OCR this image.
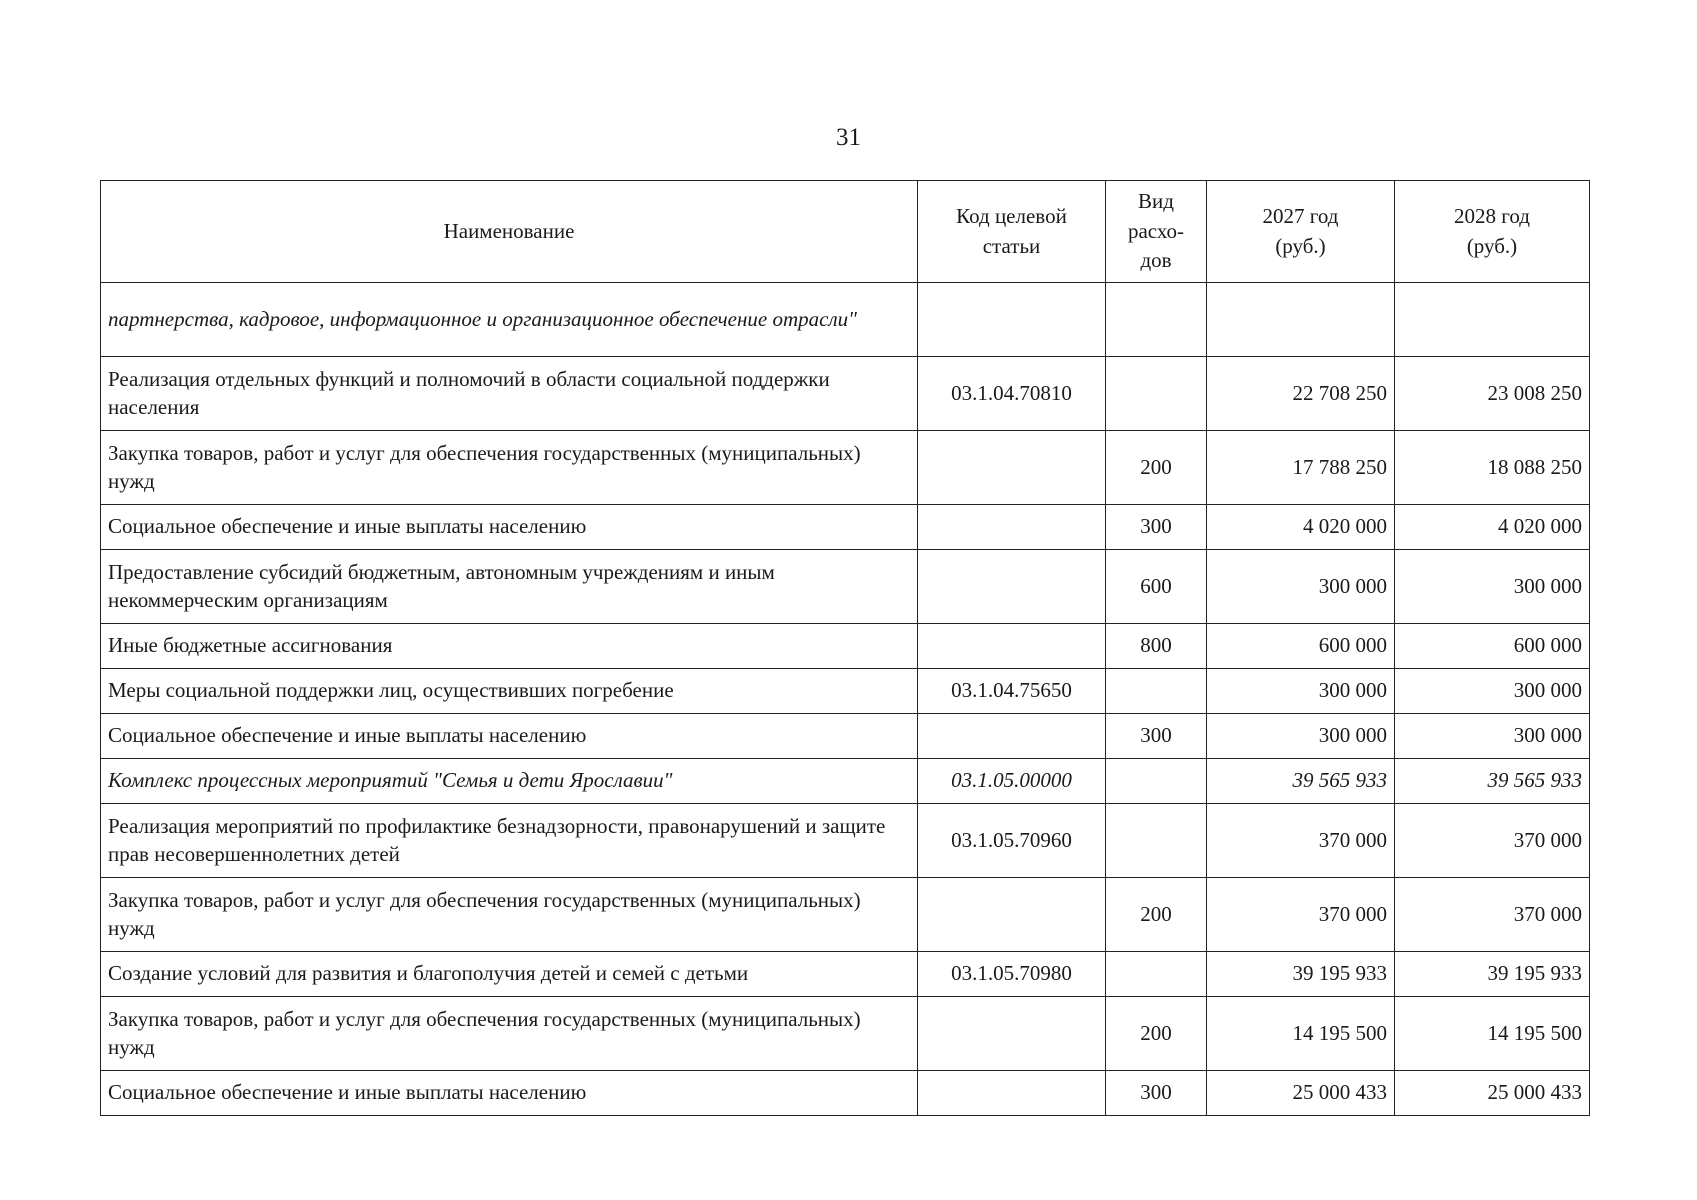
31
Наименование	Код целевой статьи	Вид расхо-дов	2027 год (руб.)	2028 год (руб.)
партнерства, кадровое, информационное и организационное обеспечение отрасли"				
Реализация отдельных функций и полномочий в области социальной поддержки населения	03.1.04.70810		22 708 250	23 008 250
Закупка товаров, работ и услуг для обеспечения государственных (муниципальных) нужд		200	17 788 250	18 088 250
Социальное обеспечение и иные выплаты населению		300	4 020 000	4 020 000
Предоставление субсидий бюджетным, автономным учреждениям и иным некоммерческим организациям		600	300 000	300 000
Иные бюджетные ассигнования		800	600 000	600 000
Меры социальной поддержки лиц, осуществивших погребение	03.1.04.75650		300 000	300 000
Социальное обеспечение и иные выплаты населению		300	300 000	300 000
Комплекс процессных мероприятий "Семья и дети Ярославии"	03.1.05.00000		39 565 933	39 565 933
Реализация мероприятий по профилактике безнадзорности, правонарушений и защите прав несовершеннолетних детей	03.1.05.70960		370 000	370 000
Закупка товаров, работ и услуг для обеспечения государственных (муниципальных) нужд		200	370 000	370 000
Создание условий для развития и благополучия детей и семей с детьми	03.1.05.70980		39 195 933	39 195 933
Закупка товаров, работ и услуг для обеспечения государственных (муниципальных) нужд		200	14 195 500	14 195 500
Социальное обеспечение и иные выплаты населению		300	25 000 433	25 000 433
